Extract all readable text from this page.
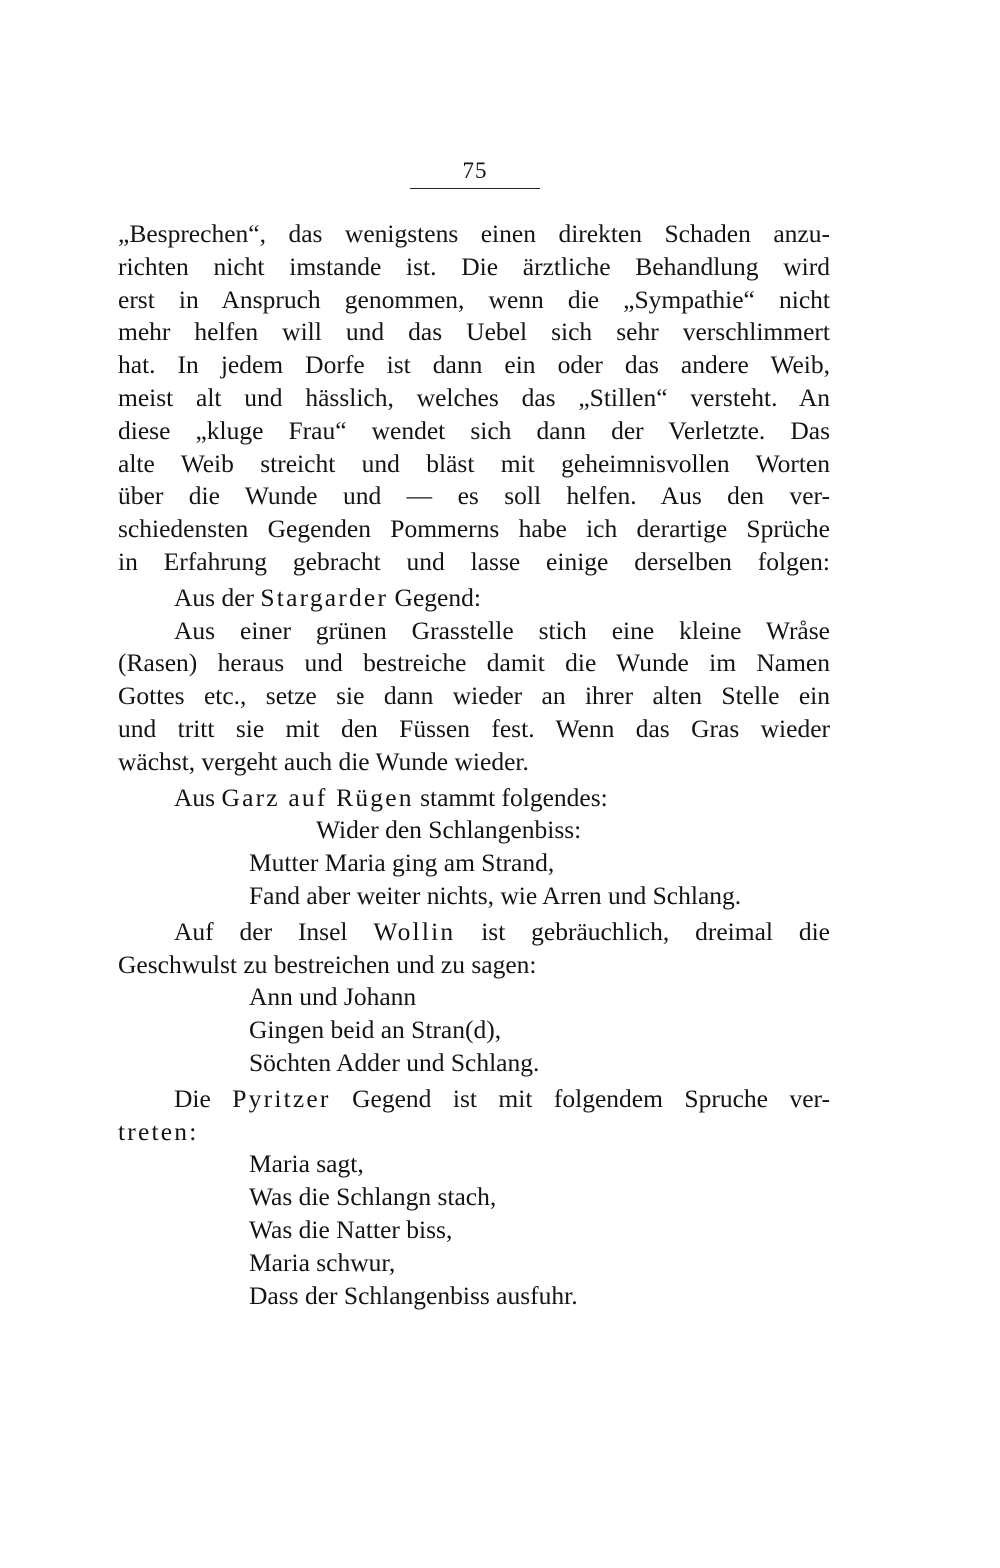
75
„Besprechen“, das wenigstens einen direkten Schaden anzu-
richten nicht imstande ist. Die ärztliche Behandlung wird
erst in Anspruch genommen, wenn die „Sympathie“ nicht
mehr helfen will und das Uebel sich sehr verschlimmert
hat. In jedem Dorfe ist dann ein oder das andere Weib,
meist alt und hässlich, welches das „Stillen“ versteht. An
diese „kluge Frau“ wendet sich dann der Verletzte. Das
alte Weib streicht und bläst mit geheimnisvollen Worten
über die Wunde und — es soll helfen. Aus den ver-
schiedensten Gegenden Pommerns habe ich derartige Sprüche
in Erfahrung gebracht und lasse einige derselben folgen:
Aus der Stargarder Gegend:
Aus einer grünen Grasstelle stich eine kleine Wråse
(Rasen) heraus und bestreiche damit die Wunde im Namen
Gottes etc., setze sie dann wieder an ihrer alten Stelle ein
und tritt sie mit den Füssen fest. Wenn das Gras wieder
wächst, vergeht auch die Wunde wieder.
Aus Garz auf Rügen stammt folgendes:
Wider den Schlangenbiss:
Mutter Maria ging am Strand,
Fand aber weiter nichts, wie Arren und Schlang.
Auf der Insel Wollin ist gebräuchlich, dreimal die
Geschwulst zu bestreichen und zu sagen:
Ann und Johann
Gingen beid an Stran(d),
Söchten Adder und Schlang.
Die Pyritzer Gegend ist mit folgendem Spruche ver-
treten:
Maria sagt,
Was die Schlangn stach,
Was die Natter biss,
Maria schwur,
Dass der Schlangenbiss ausfuhr.
